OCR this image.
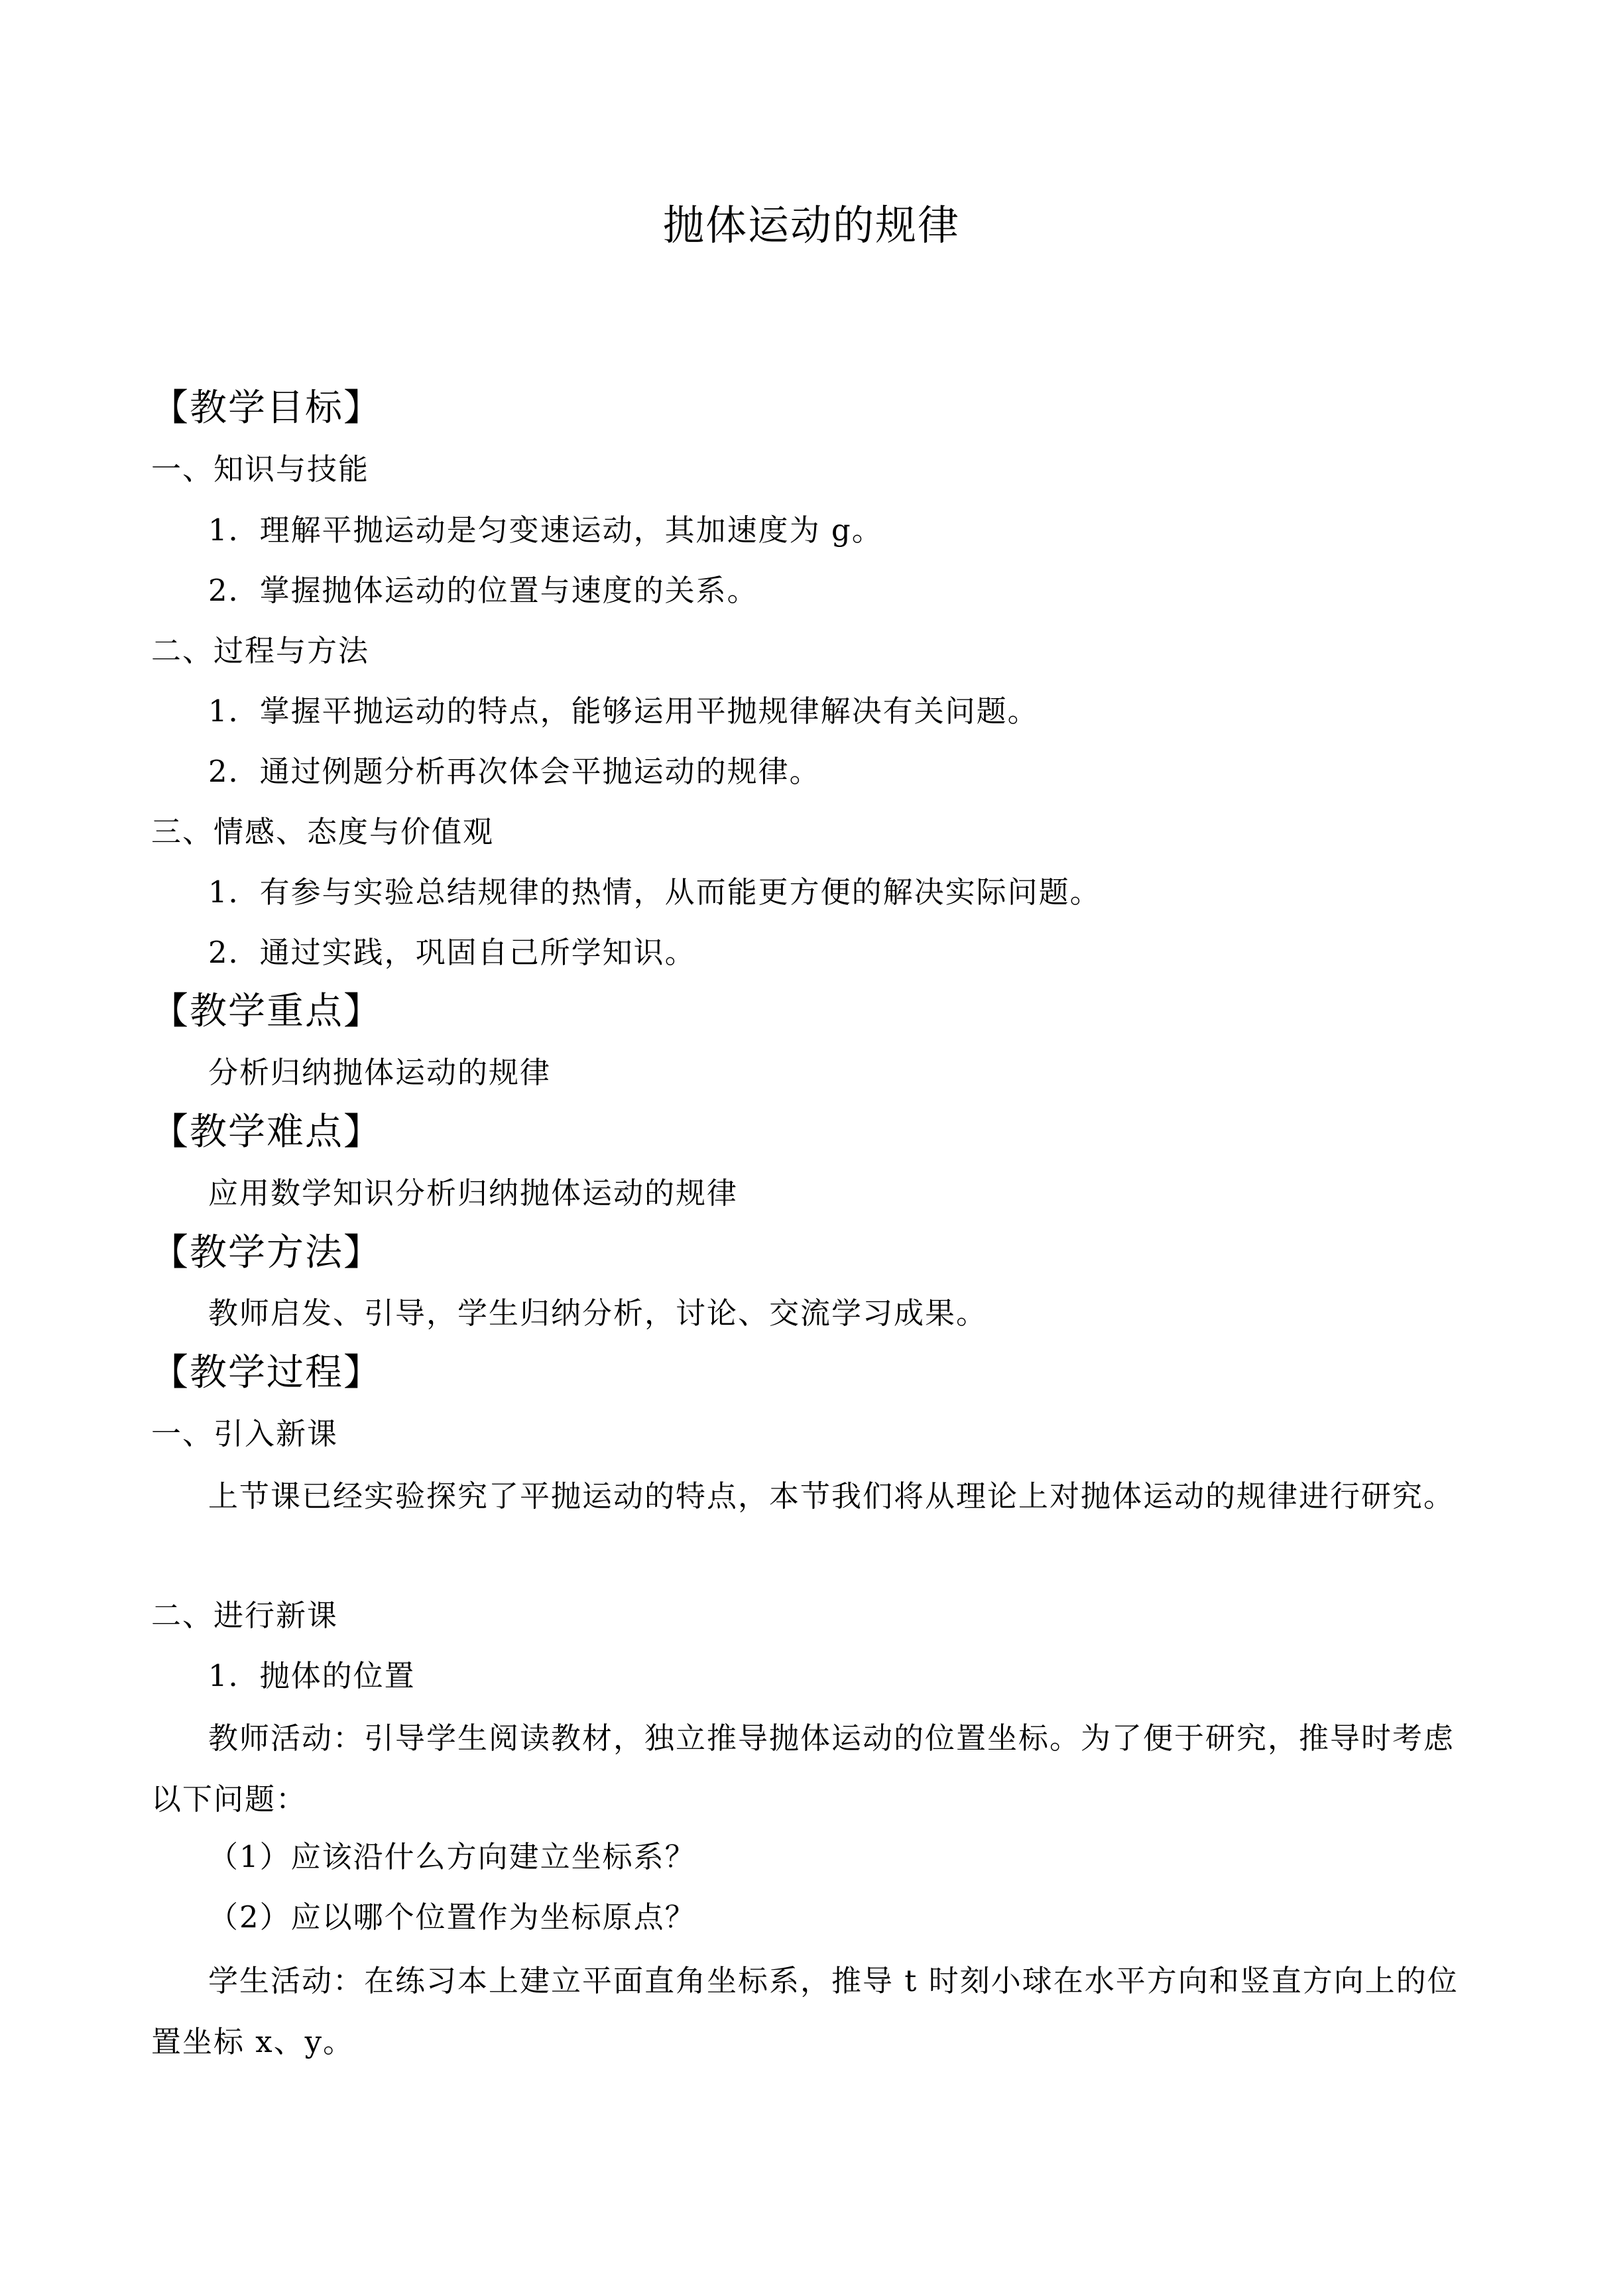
抛体运动的规律
【教学目标】
一、知识与技能
1．理解平抛运动是匀变速运动，其加速度为 g。
2．掌握抛体运动的位置与速度的关系。
二、过程与方法
1．掌握平抛运动的特点，能够运用平抛规律解决有关问题。
2．通过例题分析再次体会平抛运动的规律。
三、情感、态度与价值观
1．有参与实验总结规律的热情，从而能更方便的解决实际问题。
2．通过实践，巩固自己所学知识。
【教学重点】
分析归纳抛体运动的规律
【教学难点】
应用数学知识分析归纳抛体运动的规律
【教学方法】
教师启发、引导，学生归纳分析，讨论、交流学习成果。
【教学过程】
一、引入新课
上节课已经实验探究了平抛运动的特点，本节我们将从理论上对抛体运动的规律进行研究。
二、进行新课
1．抛体的位置
教师活动：引导学生阅读教材，独立推导抛体运动的位置坐标。为了便于研究，推导时考虑以下问题：
（1）应该沿什么方向建立坐标系？
（2）应以哪个位置作为坐标原点？
学生活动：在练习本上建立平面直角坐标系，推导 t 时刻小球在水平方向和竖直方向上的位置坐标 x、y。
